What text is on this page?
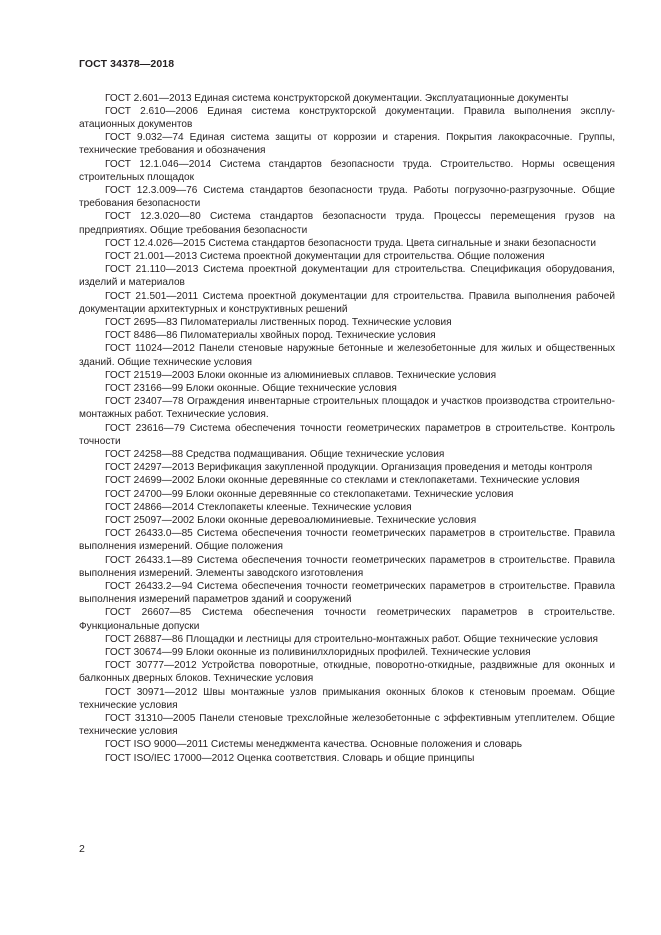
ГОСТ 34378—2018

ГОСТ 2.601—2013 Единая система конструкторской документации. Эксплуатационные документы

ГОСТ 2.610—2006 Единая система конструкторской документации. Правила выполнения эксплуатационных документов

ГОСТ 9.032—74 Единая система защиты от коррозии и старения. Покрытия лакокрасочные. Группы, технические требования и обозначения

ГОСТ 12.1.046—2014 Система стандартов безопасности труда. Строительство. Нормы освещения строительных площадок

ГОСТ 12.3.009—76 Система стандартов безопасности труда. Работы погрузочно-разгрузочные. Общие требования безопасности

ГОСТ 12.3.020—80 Система стандартов безопасности труда. Процессы перемещения грузов на предприятиях. Общие требования безопасности

ГОСТ 12.4.026—2015 Система стандартов безопасности труда. Цвета сигнальные и знаки безопасности

ГОСТ 21.001—2013 Система проектной документации для строительства. Общие положения

ГОСТ 21.110—2013 Система проектной документации для строительства. Спецификация оборудования, изделий и материалов

ГОСТ 21.501—2011 Система проектной документации для строительства. Правила выполнения рабочей документации архитектурных и конструктивных решений

ГОСТ 2695—83 Пиломатериалы лиственных пород. Технические условия

ГОСТ 8486—86 Пиломатериалы хвойных пород. Технические условия

ГОСТ 11024—2012 Панели стеновые наружные бетонные и железобетонные для жилых и общественных зданий. Общие технические условия

ГОСТ 21519—2003 Блоки оконные из алюминиевых сплавов. Технические условия

ГОСТ 23166—99 Блоки оконные. Общие технические условия

ГОСТ 23407—78 Ограждения инвентарные строительных площадок и участков производства строительно-монтажных работ. Технические условия.

ГОСТ 23616—79 Система обеспечения точности геометрических параметров в строительстве. Контроль точности

ГОСТ 24258—88 Средства подмащивания. Общие технические условия

ГОСТ 24297—2013 Верификация закупленной продукции. Организация проведения и методы контроля

ГОСТ 24699—2002 Блоки оконные деревянные со стеклами и стеклопакетами. Технические условия

ГОСТ 24700—99 Блоки оконные деревянные со стеклопакетами. Технические условия

ГОСТ 24866—2014 Стеклопакеты клееные. Технические условия

ГОСТ 25097—2002 Блоки оконные деревоалюминиевые. Технические условия

ГОСТ 26433.0—85 Система обеспечения точности геометрических параметров в строительстве. Правила выполнения измерений. Общие положения

ГОСТ 26433.1—89 Система обеспечения точности геометрических параметров в строительстве. Правила выполнения измерений. Элементы заводского изготовления

ГОСТ 26433.2—94 Система обеспечения точности геометрических параметров в строительстве. Правила выполнения измерений параметров зданий и сооружений

ГОСТ 26607—85 Система обеспечения точности геометрических параметров в строительстве. Функциональные допуски

ГОСТ 26887—86 Площадки и лестницы для строительно-монтажных работ. Общие технические условия

ГОСТ 30674—99 Блоки оконные из поливинилхлоридных профилей. Технические условия

ГОСТ 30777—2012 Устройства поворотные, откидные, поворотно-откидные, раздвижные для оконных и балконных дверных блоков. Технические условия

ГОСТ 30971—2012 Швы монтажные узлов примыкания оконных блоков к стеновым проемам. Общие технические условия

ГОСТ 31310—2005 Панели стеновые трехслойные железобетонные с эффективным утеплителем. Общие технические условия

ГОСТ ISO 9000—2011 Системы менеджмента качества. Основные положения и словарь

ГОСТ ISO/IEC 17000—2012 Оценка соответствия. Словарь и общие принципы

2
